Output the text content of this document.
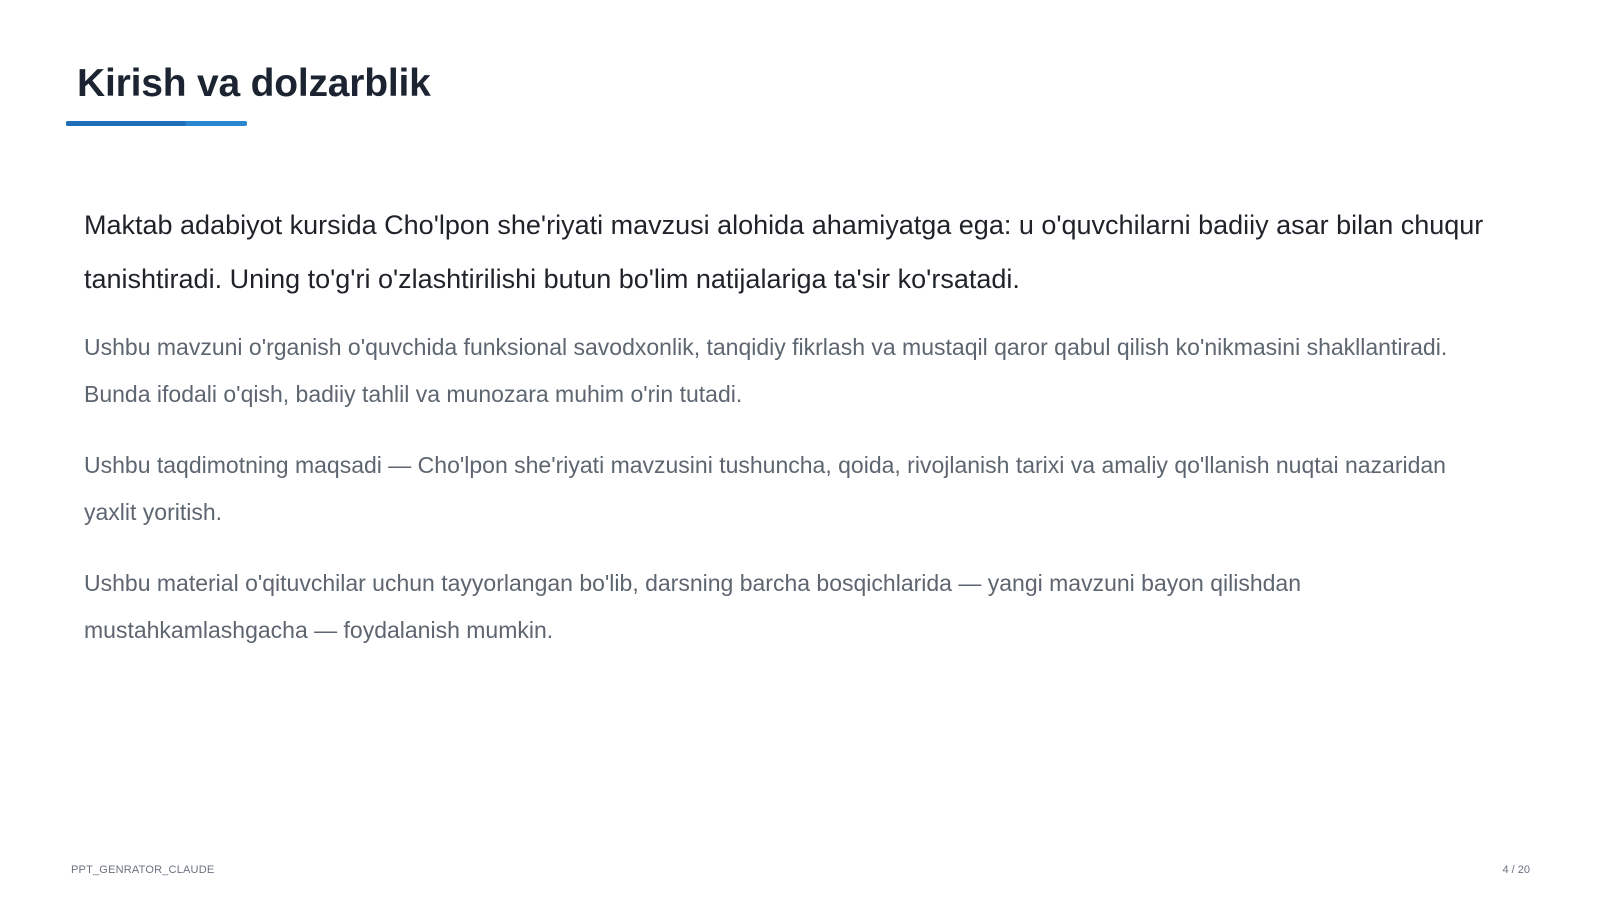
Kirish va dolzarblik

Maktab adabiyot kursida Cho'lpon she'riyati mavzusi alohida ahamiyatga ega: u o'quvchilarni badiiy asar bilan chuqur tanishtiradi. Uning to'g'ri o'zlashtirilishi butun bo'lim natijalariga ta'sir ko'rsatadi.

Ushbu mavzuni o'rganish o'quvchida funksional savodxonlik, tanqidiy fikrlash va mustaqil qaror qabul qilish ko'nikmasini shakllantiradi. Bunda ifodali o'qish, badiiy tahlil va munozara muhim o'rin tutadi.

Ushbu taqdimotning maqsadi — Cho'lpon she'riyati mavzusini tushuncha, qoida, rivojlanish tarixi va amaliy qo'llanish nuqtai nazaridan yaxlit yoritish.

Ushbu material o'qituvchilar uchun tayyorlangan bo'lib, darsning barcha bosqichlarida — yangi mavzuni bayon qilishdan mustahkamlashgacha — foydalanish mumkin.

PPT_GENRATOR_CLAUDE	4 / 20
